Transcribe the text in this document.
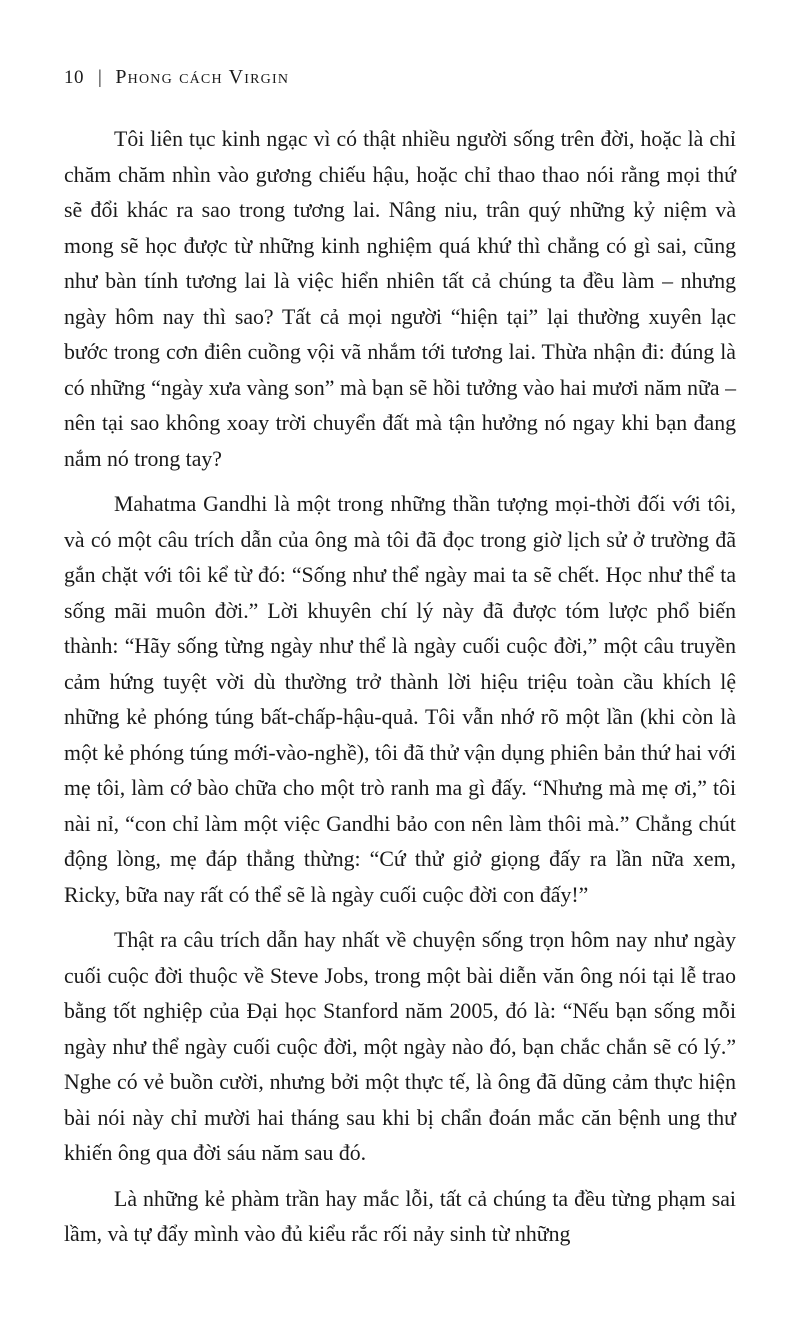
10 | Phong cách Virgin

Tôi liên tục kinh ngạc vì có thật nhiều người sống trên đời, hoặc là chỉ chăm chăm nhìn vào gương chiếu hậu, hoặc chỉ thao thao nói rằng mọi thứ sẽ đổi khác ra sao trong tương lai. Nâng niu, trân quý những kỷ niệm và mong sẽ học được từ những kinh nghiệm quá khứ thì chẳng có gì sai, cũng như bàn tính tương lai là việc hiển nhiên tất cả chúng ta đều làm – nhưng ngày hôm nay thì sao? Tất cả mọi người “hiện tại” lại thường xuyên lạc bước trong cơn điên cuồng vội vã nhắm tới tương lai. Thừa nhận đi: đúng là có những “ngày xưa vàng son” mà bạn sẽ hồi tưởng vào hai mươi năm nữa – nên tại sao không xoay trời chuyển đất mà tận hưởng nó ngay khi bạn đang nắm nó trong tay?

Mahatma Gandhi là một trong những thần tượng mọi-thời đối với tôi, và có một câu trích dẫn của ông mà tôi đã đọc trong giờ lịch sử ở trường đã gắn chặt với tôi kể từ đó: “Sống như thể ngày mai ta sẽ chết. Học như thể ta sống mãi muôn đời.” Lời khuyên chí lý này đã được tóm lược phổ biến thành: “Hãy sống từng ngày như thể là ngày cuối cuộc đời,” một câu truyền cảm hứng tuyệt vời dù thường trở thành lời hiệu triệu toàn cầu khích lệ những kẻ phóng túng bất-chấp-hậu-quả. Tôi vẫn nhớ rõ một lần (khi còn là một kẻ phóng túng mới-vào-nghề), tôi đã thử vận dụng phiên bản thứ hai với mẹ tôi, làm cớ bào chữa cho một trò ranh ma gì đấy. “Nhưng mà mẹ ơi,” tôi nài nỉ, “con chỉ làm một việc Gandhi bảo con nên làm thôi mà.” Chẳng chút động lòng, mẹ đáp thẳng thừng: “Cứ thử giở giọng đấy ra lần nữa xem, Ricky, bữa nay rất có thể sẽ là ngày cuối cuộc đời con đấy!”

Thật ra câu trích dẫn hay nhất về chuyện sống trọn hôm nay như ngày cuối cuộc đời thuộc về Steve Jobs, trong một bài diễn văn ông nói tại lễ trao bằng tốt nghiệp của Đại học Stanford năm 2005, đó là: “Nếu bạn sống mỗi ngày như thể ngày cuối cuộc đời, một ngày nào đó, bạn chắc chắn sẽ có lý.” Nghe có vẻ buồn cười, nhưng bởi một thực tế, là ông đã dũng cảm thực hiện bài nói này chỉ mười hai tháng sau khi bị chẩn đoán mắc căn bệnh ung thư khiến ông qua đời sáu năm sau đó.

Là những kẻ phàm trần hay mắc lỗi, tất cả chúng ta đều từng phạm sai lầm, và tự đẩy mình vào đủ kiểu rắc rối nảy sinh từ những
